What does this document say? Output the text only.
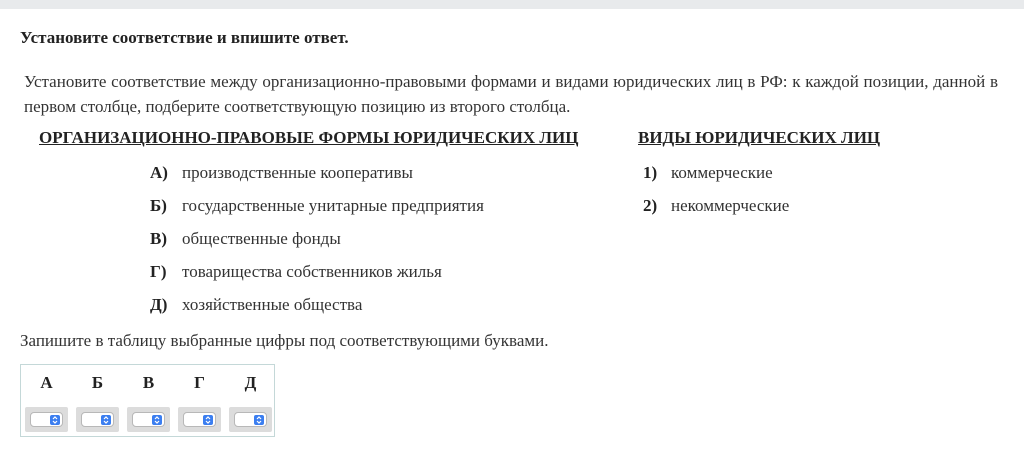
Установите соответствие и впишите ответ.
Установите соответствие между организационно-правовыми формами и видами юридических лиц в РФ: к каждой позиции, данной в первом столбце, подберите соответствующую позицию из второго столбца.
ОРГАНИЗАЦИОННО-ПРАВОВЫЕ ФОРМЫ ЮРИДИЧЕСКИХ ЛИЦ	ВИДЫ ЮРИДИЧЕСКИХ ЛИЦ
А) производственные кооперативы
Б) государственные унитарные предприятия
В) общественные фонды
Г) товарищества собственников жилья
Д) хозяйственные общества
1) коммерческие
2) некоммерческие
Запишите в таблицу выбранные цифры под соответствующими буквами.
А	Б	В	Г	Д
